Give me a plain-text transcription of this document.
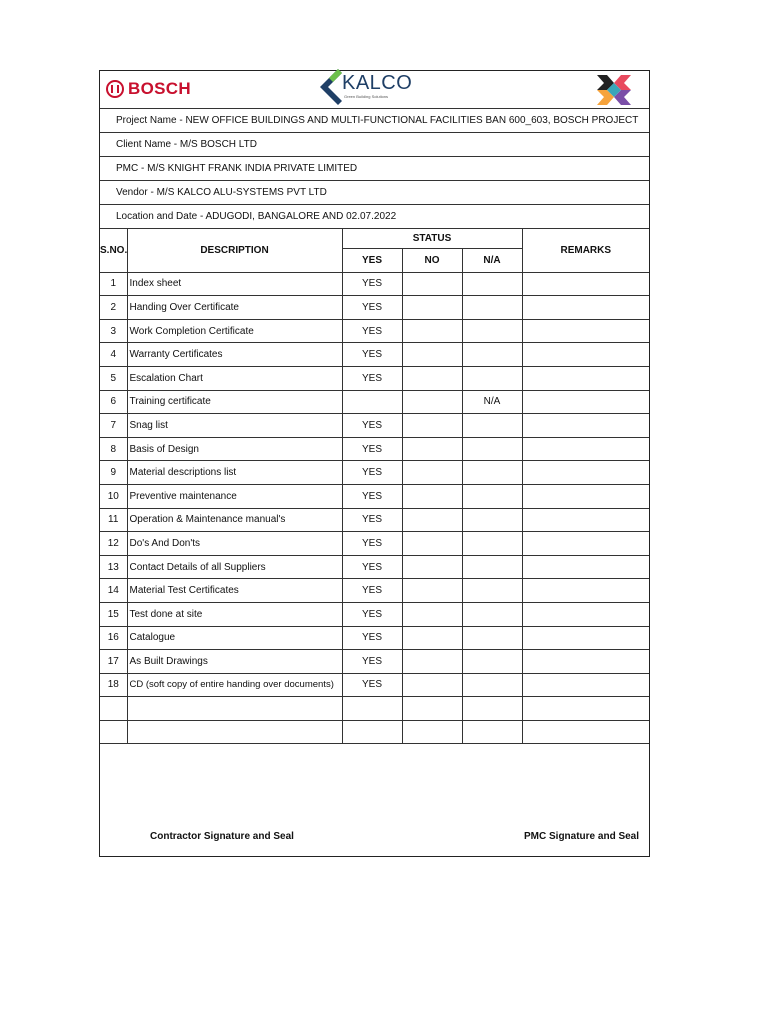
BOSCH	KALCO
Green Building Solutions
Project Name - NEW OFFICE BUILDINGS AND MULTI-FUNCTIONAL FACILITIES BAN 600_603, BOSCH PROJECT
Client Name - M/S BOSCH LTD
PMC - M/S KNIGHT FRANK INDIA PRIVATE LIMITED
Vendor - M/S KALCO ALU-SYSTEMS PVT LTD
Location and Date - ADUGODI, BANGALORE AND 02.07.2022
S.NO.	DESCRIPTION	STATUS			REMARKS
		YES	NO	N/A	
1	Index sheet	YES			
2	Handing Over Certificate	YES			
3	Work Completion Certificate	YES			
4	Warranty Certificates	YES			
5	Escalation Chart	YES			
6	Training certificate			N/A	
7	Snag list	YES			
8	Basis of Design	YES			
9	Material descriptions list	YES			
10	Preventive maintenance	YES			
11	Operation & Maintenance manual's	YES			
12	Do's And Don'ts	YES			
13	Contact Details of all Suppliers	YES			
14	Material Test Certificates	YES			
15	Test done at site	YES			
16	Catalogue	YES			
17	As Built Drawings	YES			
18	CD (soft copy of entire handing over documents)	YES			

Contractor Signature and Seal	PMC Signature and Seal
